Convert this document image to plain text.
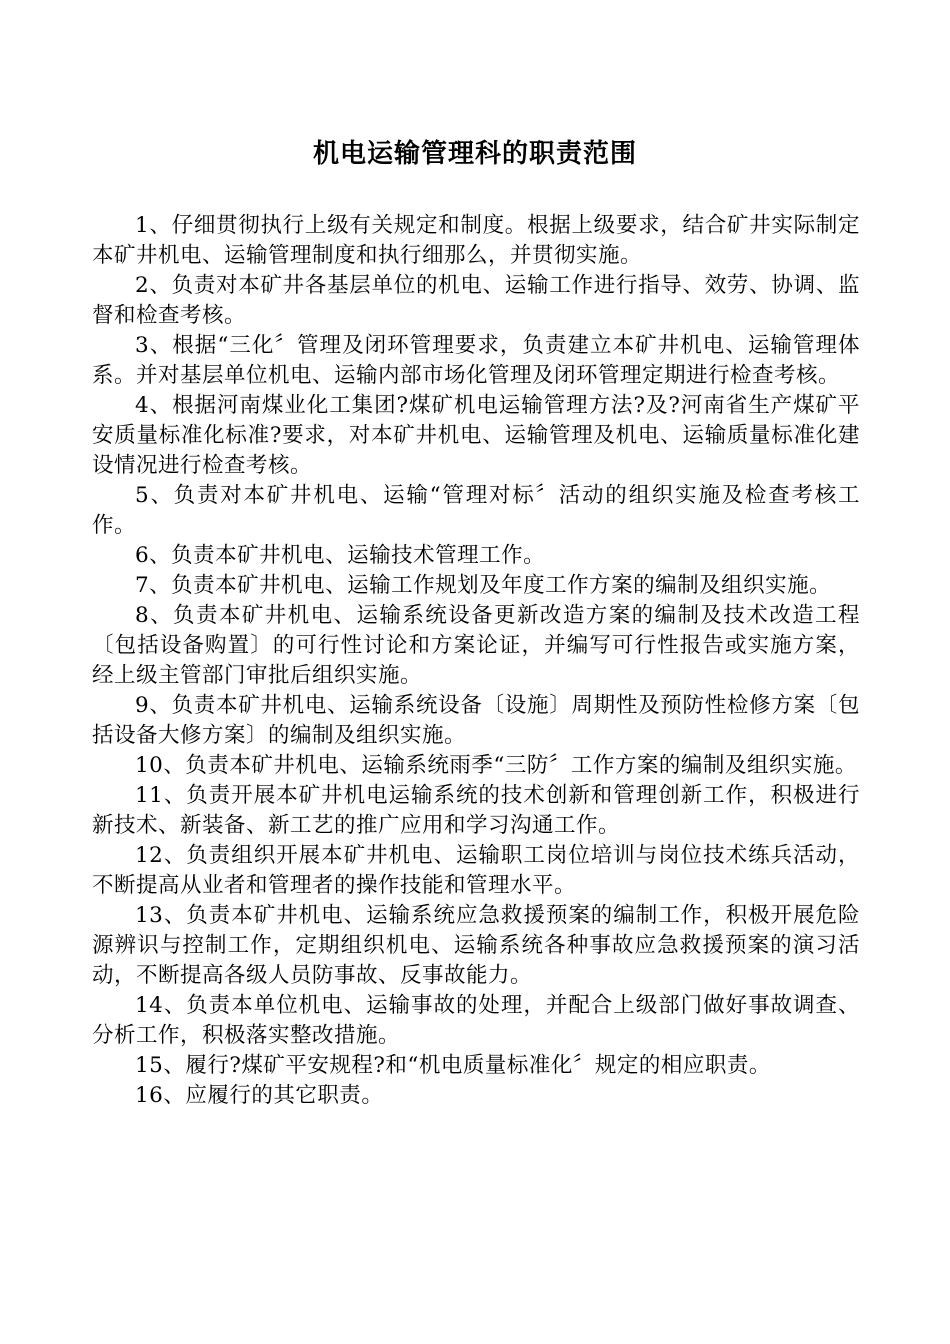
机电运输管理科的职责范围

1、仔细贯彻执行上级有关规定和制度。根据上级要求，结合矿井实际制定本矿井机电、运输管理制度和执行细那么，并贯彻实施。

2、负责对本矿井各基层单位的机电、运输工作进行指导、效劳、协调、监督和检查考核。

3、根据“三化〞管理及闭环管理要求，负责建立本矿井机电、运输管理体系。并对基层单位机电、运输内部市场化管理及闭环管理定期进行检查考核。

4、根据河南煤业化工集团?煤矿机电运输管理方法?及?河南省生产煤矿平安质量标准化标准?要求，对本矿井机电、运输管理及机电、运输质量标准化建设情况进行检查考核。

5、负责对本矿井机电、运输“管理对标〞活动的组织实施及检查考核工作。

6、负责本矿井机电、运输技术管理工作。

7、负责本矿井机电、运输工作规划及年度工作方案的编制及组织实施。

8、负责本矿井机电、运输系统设备更新改造方案的编制及技术改造工程〔包括设备购置〕的可行性讨论和方案论证，并编写可行性报告或实施方案，经上级主管部门审批后组织实施。

9、负责本矿井机电、运输系统设备〔设施〕周期性及预防性检修方案〔包括设备大修方案〕的编制及组织实施。

10、负责本矿井机电、运输系统雨季“三防〞工作方案的编制及组织实施。

11、负责开展本矿井机电运输系统的技术创新和管理创新工作，积极进行新技术、新装备、新工艺的推广应用和学习沟通工作。

12、负责组织开展本矿井机电、运输职工岗位培训与岗位技术练兵活动，不断提高从业者和管理者的操作技能和管理水平。

13、负责本矿井机电、运输系统应急救援预案的编制工作，积极开展危险源辨识与控制工作，定期组织机电、运输系统各种事故应急救援预案的演习活动，不断提高各级人员防事故、反事故能力。

14、负责本单位机电、运输事故的处理，并配合上级部门做好事故调查、分析工作，积极落实整改措施。

15、履行?煤矿平安规程?和“机电质量标准化〞规定的相应职责。

16、应履行的其它职责。
